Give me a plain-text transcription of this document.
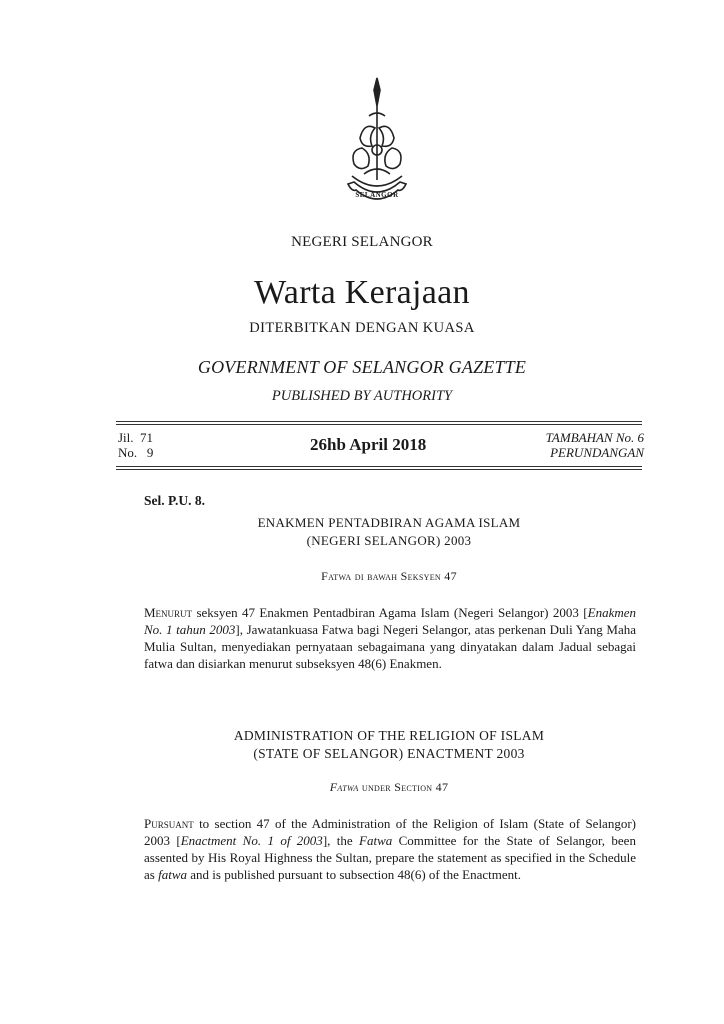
SELANGOR
NEGERI SELANGOR
Warta Kerajaan
DITERBITKAN DENGAN KUASA
GOVERNMENT OF SELANGOR GAZETTE
PUBLISHED BY AUTHORITY
Jil. 71
No. 9	26hb April 2018	TAMBAHAN No. 6
PERUNDANGAN
Sel. P.U. 8.
ENAKMEN PENTADBIRAN AGAMA ISLAM
(NEGERI SELANGOR) 2003
Fatwa di bawah Seksyen 47
Menurut seksyen 47 Enakmen Pentadbiran Agama Islam (Negeri Selangor) 2003 [Enakmen No. 1 tahun 2003], Jawatankuasa Fatwa bagi Negeri Selangor, atas perkenan Duli Yang Maha Mulia Sultan, menyediakan pernyataan sebagaimana yang dinyatakan dalam Jadual sebagai fatwa dan disiarkan menurut subseksyen 48(6) Enakmen.
ADMINISTRATION OF THE RELIGION OF ISLAM
(STATE OF SELANGOR) ENACTMENT 2003
Fatwa under Section 47
Pursuant to section 47 of the Administration of the Religion of Islam (State of Selangor) 2003 [Enactment No. 1 of 2003], the Fatwa Committee for the State of Selangor, been assented by His Royal Highness the Sultan, prepare the statement as specified in the Schedule as fatwa and is published pursuant to subsection 48(6) of the Enactment.
